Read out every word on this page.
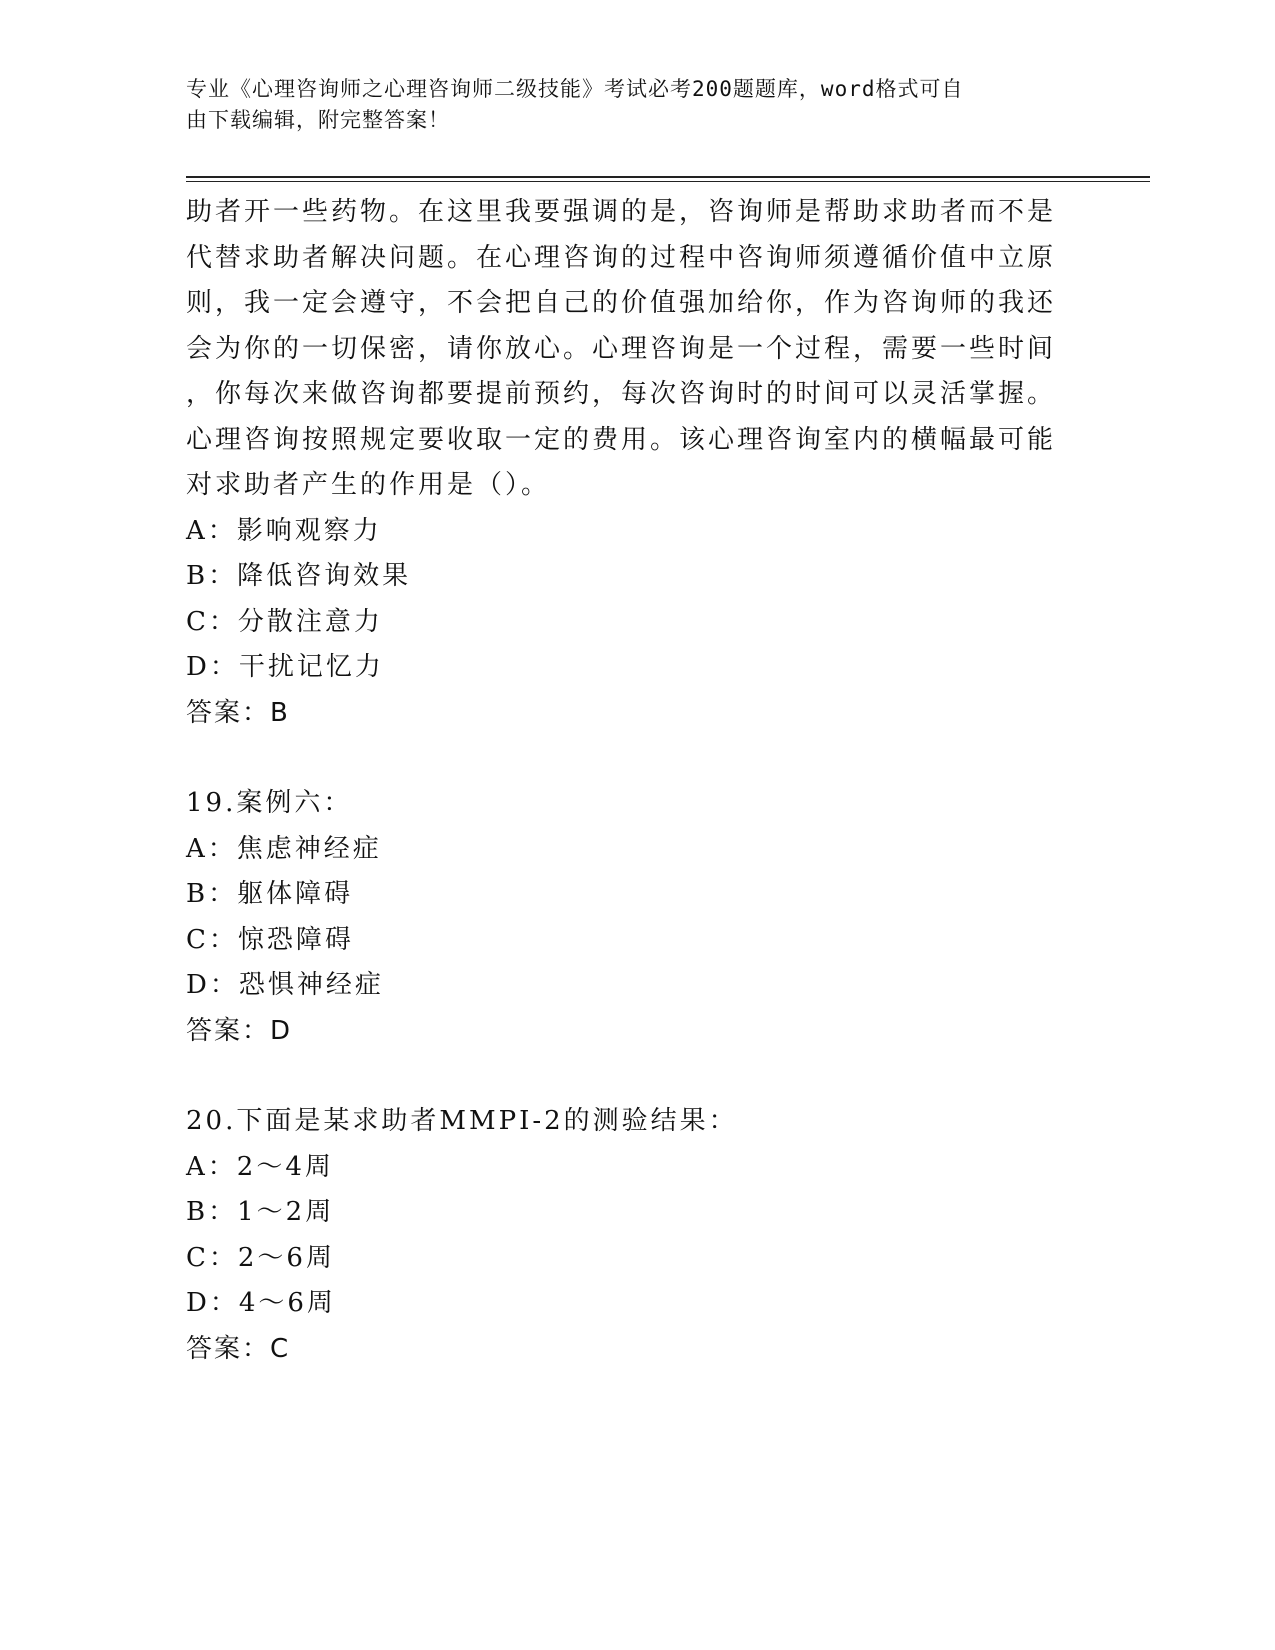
专业《心理咨询师之心理咨询师二级技能》考试必考200题题库，word格式可自
由下载编辑，附完整答案！

助者开一些药物。在这里我要强调的是，咨询师是帮助求助者而不是

代替求助者解决问题。在心理咨询的过程中咨询师须遵循价值中立原

则，我一定会遵守，不会把自己的价值强加给你，作为咨询师的我还

会为你的一切保密，请你放心。心理咨询是一个过程，需要一些时间

，你每次来做咨询都要提前预约，每次咨询时的时间可以灵活掌握。

心理咨询按照规定要收取一定的费用。该心理咨询室内的横幅最可能

对求助者产生的作用是（）。

A：影响观察力

B：降低咨询效果

C：分散注意力

D：干扰记忆力

答案：B

19.案例六：

A：焦虑神经症

B：躯体障碍

C：惊恐障碍

D：恐惧神经症

答案：D

20.下面是某求助者MMPI-2的测验结果：

A：2～4周

B：1～2周

C：2～6周

D：4～6周

答案：C
